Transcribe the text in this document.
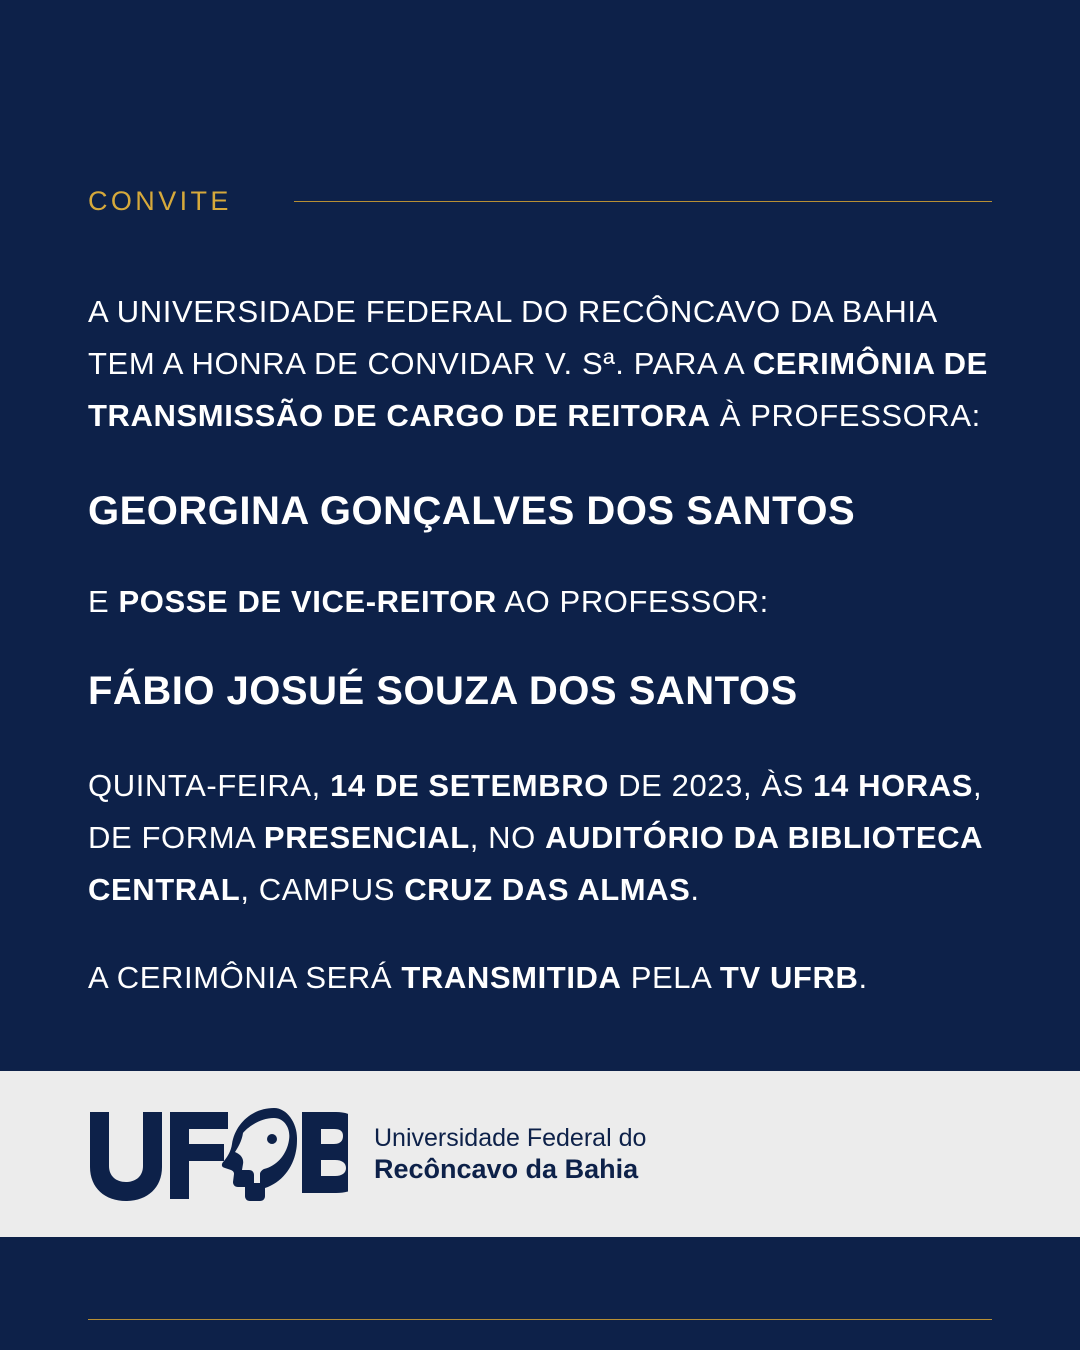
CONVITE
A UNIVERSIDADE FEDERAL DO RECÔNCAVO DA BAHIA
TEM A HONRA DE CONVIDAR V. Sª. PARA A CERIMÔNIA DE
TRANSMISSÃO DE CARGO DE REITORA À PROFESSORA:
GEORGINA GONÇALVES DOS SANTOS
E POSSE DE VICE-REITOR AO PROFESSOR:
FÁBIO JOSUÉ SOUZA DOS SANTOS
QUINTA-FEIRA, 14 DE SETEMBRO DE 2023, ÀS 14 HORAS,
DE FORMA PRESENCIAL, NO AUDITÓRIO DA BIBLIOTECA
CENTRAL, CAMPUS CRUZ DAS ALMAS.
A CERIMÔNIA SERÁ TRANSMITIDA PELA TV UFRB.
Universidade Federal do
Recôncavo da Bahia
